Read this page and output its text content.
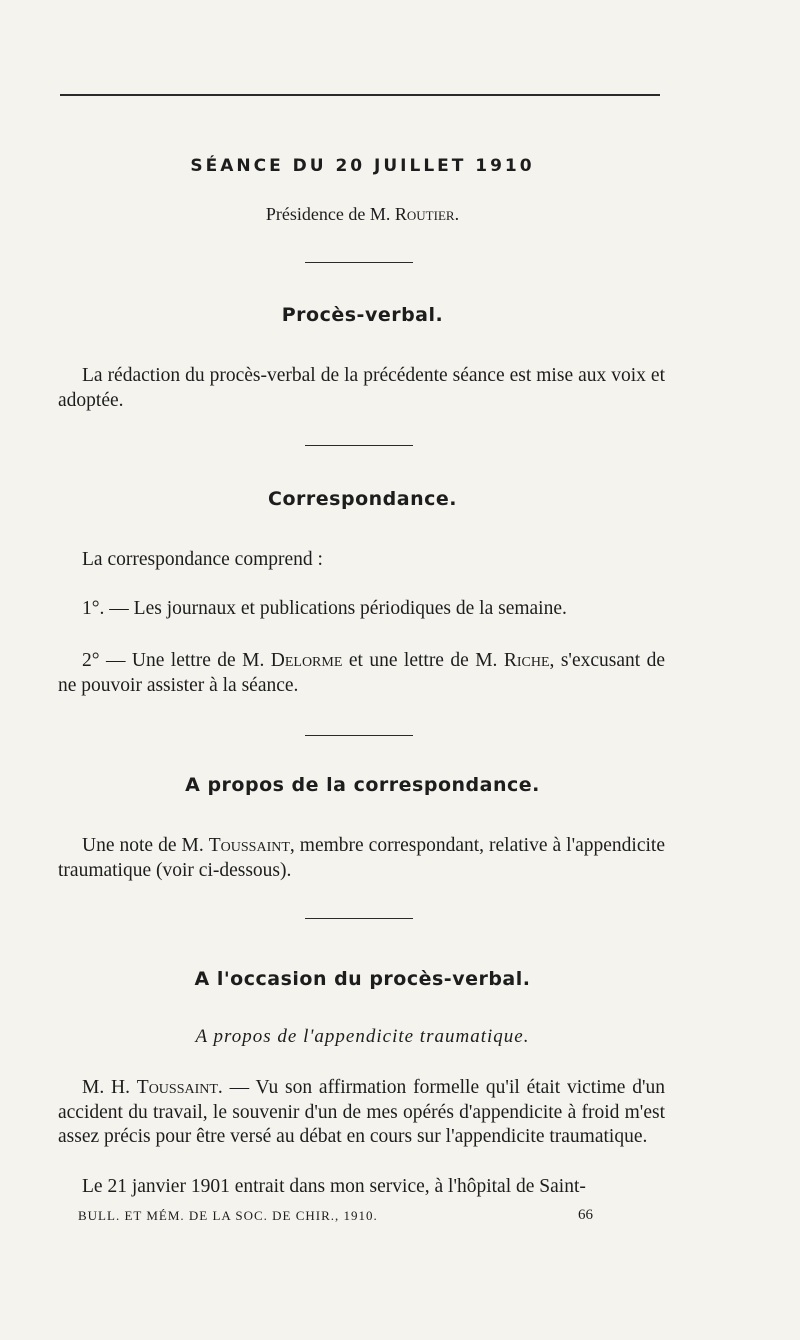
SÉANCE DU 20 JUILLET 1910
Présidence de M. Routier.
Procès-verbal.
La rédaction du procès-verbal de la précédente séance est mise aux voix et adoptée.
Correspondance.
La correspondance comprend :
1°. — Les journaux et publications périodiques de la semaine.
2° — Une lettre de M. Delorme et une lettre de M. Riche, s'excusant de ne pouvoir assister à la séance.
A propos de la correspondance.
Une note de M. Toussaint, membre correspondant, relative à l'appendicite traumatique (voir ci-dessous).
A l'occasion du procès-verbal.
A propos de l'appendicite traumatique.
M. H. Toussaint. — Vu son affirmation formelle qu'il était victime d'un accident du travail, le souvenir d'un de mes opérés d'appendicite à froid m'est assez précis pour être versé au débat en cours sur l'appendicite traumatique.
Le 21 janvier 1901 entrait dans mon service, à l'hôpital de Saint-
BULL. ET MÉM. DE LA SOC. DE CHIR., 1910.	66
